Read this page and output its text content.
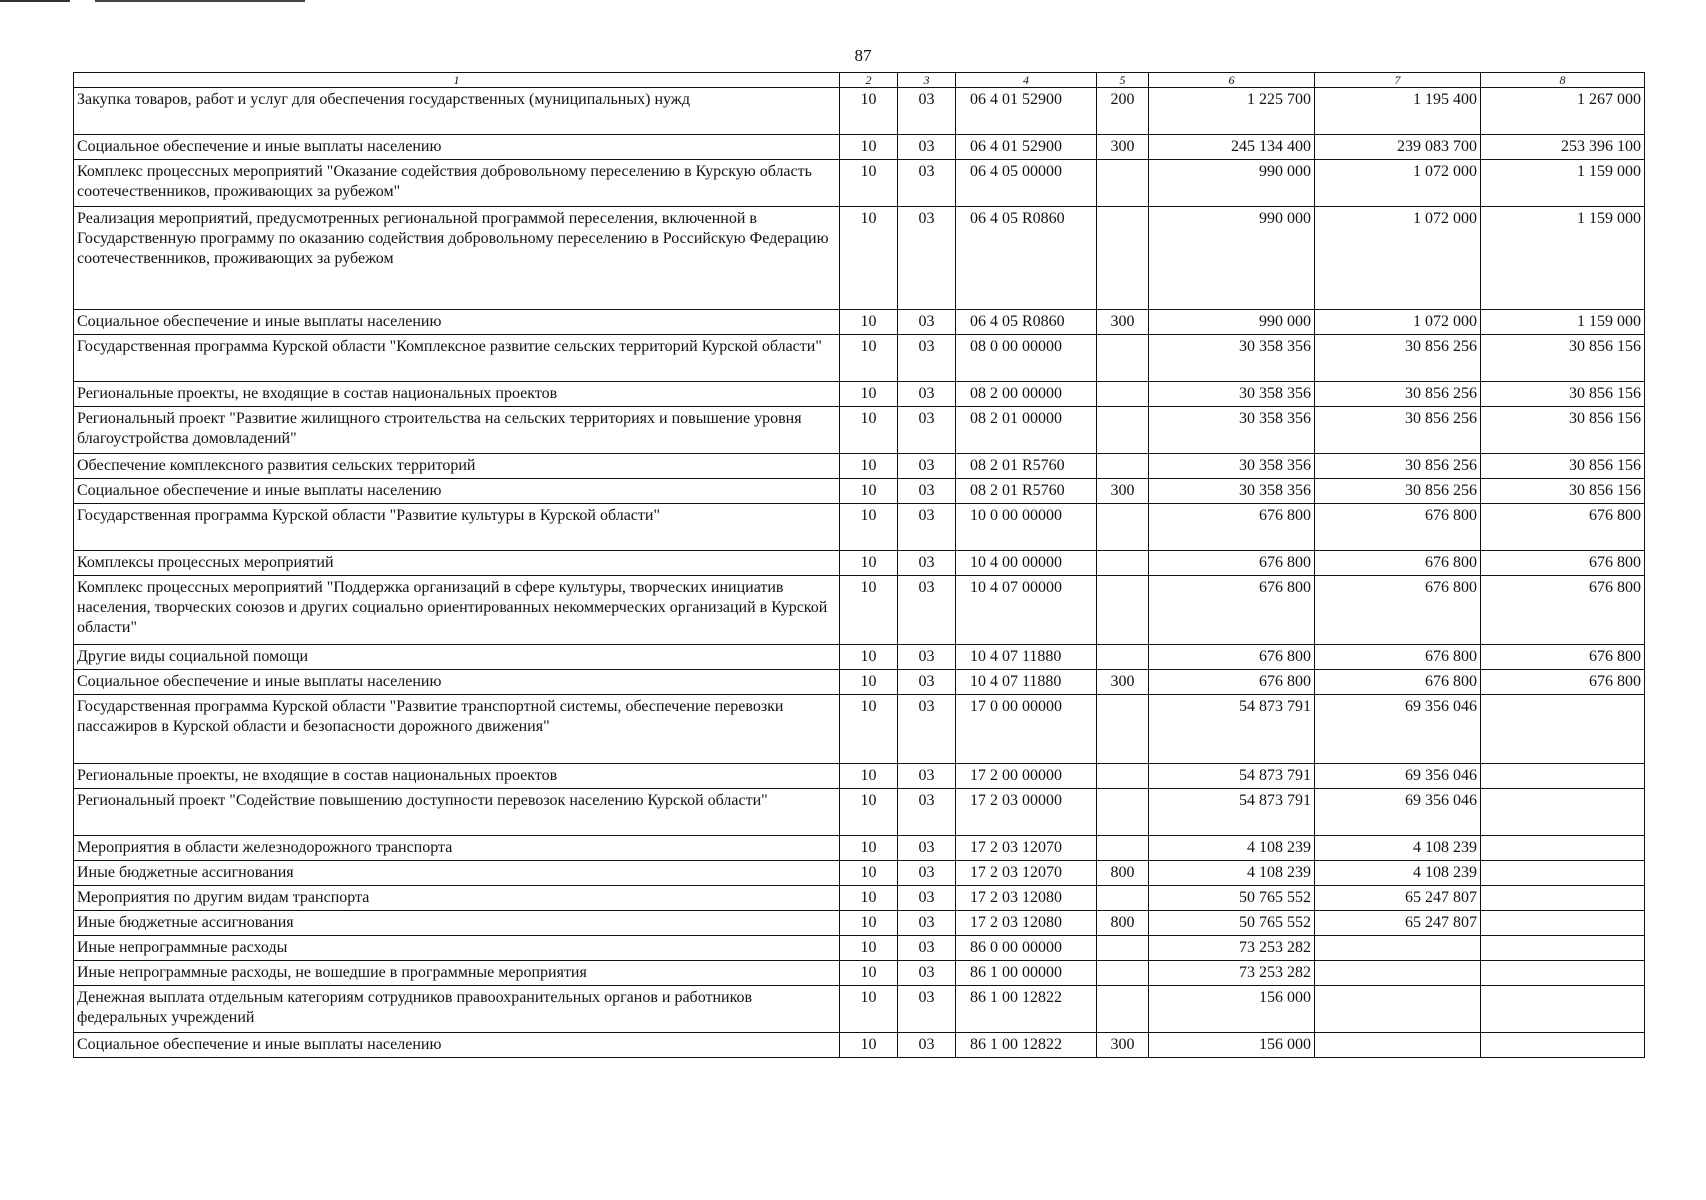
87
1	2	3	4	5	6	7	8
Закупка товаров, работ и услуг для обеспечения государственных (муниципальных) нужд	10	03	06 4 01 52900	200	1 225 700	1 195 400	1 267 000
Социальное обеспечение и иные выплаты населению	10	03	06 4 01 52900	300	245 134 400	239 083 700	253 396 100
Комплекс процессных мероприятий "Оказание содействия добровольному переселению в Курскую область соотечественников, проживающих за рубежом"	10	03	06 4 05 00000		990 000	1 072 000	1 159 000
Реализация мероприятий, предусмотренных региональной программой переселения, включенной в Государственную программу по оказанию содействия добровольному переселению в Российскую Федерацию соотечественников, проживающих за рубежом	10	03	06 4 05 R0860		990 000	1 072 000	1 159 000
Социальное обеспечение и иные выплаты населению	10	03	06 4 05 R0860	300	990 000	1 072 000	1 159 000
Государственная программа Курской области "Комплексное развитие сельских территорий Курской области"	10	03	08 0 00 00000		30 358 356	30 856 256	30 856 156
Региональные проекты, не входящие в состав национальных проектов	10	03	08 2 00 00000		30 358 356	30 856 256	30 856 156
Региональный проект "Развитие жилищного строительства на сельских территориях и повышение уровня благоустройства домовладений"	10	03	08 2 01 00000		30 358 356	30 856 256	30 856 156
Обеспечение комплексного развития сельских территорий	10	03	08 2 01 R5760		30 358 356	30 856 256	30 856 156
Социальное обеспечение и иные выплаты населению	10	03	08 2 01 R5760	300	30 358 356	30 856 256	30 856 156
Государственная программа Курской области "Развитие культуры в Курской области"	10	03	10 0 00 00000		676 800	676 800	676 800
Комплексы процессных мероприятий	10	03	10 4 00 00000		676 800	676 800	676 800
Комплекс процессных мероприятий "Поддержка организаций в сфере культуры, творческих инициатив населения, творческих союзов и других социально ориентированных некоммерческих организаций в Курской области"	10	03	10 4 07 00000		676 800	676 800	676 800
Другие виды социальной помощи	10	03	10 4 07 11880		676 800	676 800	676 800
Социальное обеспечение и иные выплаты населению	10	03	10 4 07 11880	300	676 800	676 800	676 800
Государственная программа Курской области "Развитие транспортной системы, обеспечение перевозки пассажиров в Курской области и безопасности дорожного движения"	10	03	17 0 00 00000		54 873 791	69 356 046	
Региональные проекты, не входящие в состав национальных проектов	10	03	17 2 00 00000		54 873 791	69 356 046	
Региональный проект "Содействие повышению доступности перевозок населению Курской области"	10	03	17 2 03 00000		54 873 791	69 356 046	
Мероприятия в области железнодорожного транспорта	10	03	17 2 03 12070		4 108 239	4 108 239	
Иные бюджетные ассигнования	10	03	17 2 03 12070	800	4 108 239	4 108 239	
Мероприятия по другим видам транспорта	10	03	17 2 03 12080		50 765 552	65 247 807	
Иные бюджетные ассигнования	10	03	17 2 03 12080	800	50 765 552	65 247 807	
Иные непрограммные расходы	10	03	86 0 00 00000		73 253 282		
Иные непрограммные расходы, не вошедшие в программные мероприятия	10	03	86 1 00 00000		73 253 282		
Денежная выплата отдельным категориям сотрудников правоохранительных органов и работников федеральных учреждений	10	03	86 1 00 12822		156 000		
Социальное обеспечение и иные выплаты населению	10	03	86 1 00 12822	300	156 000		
